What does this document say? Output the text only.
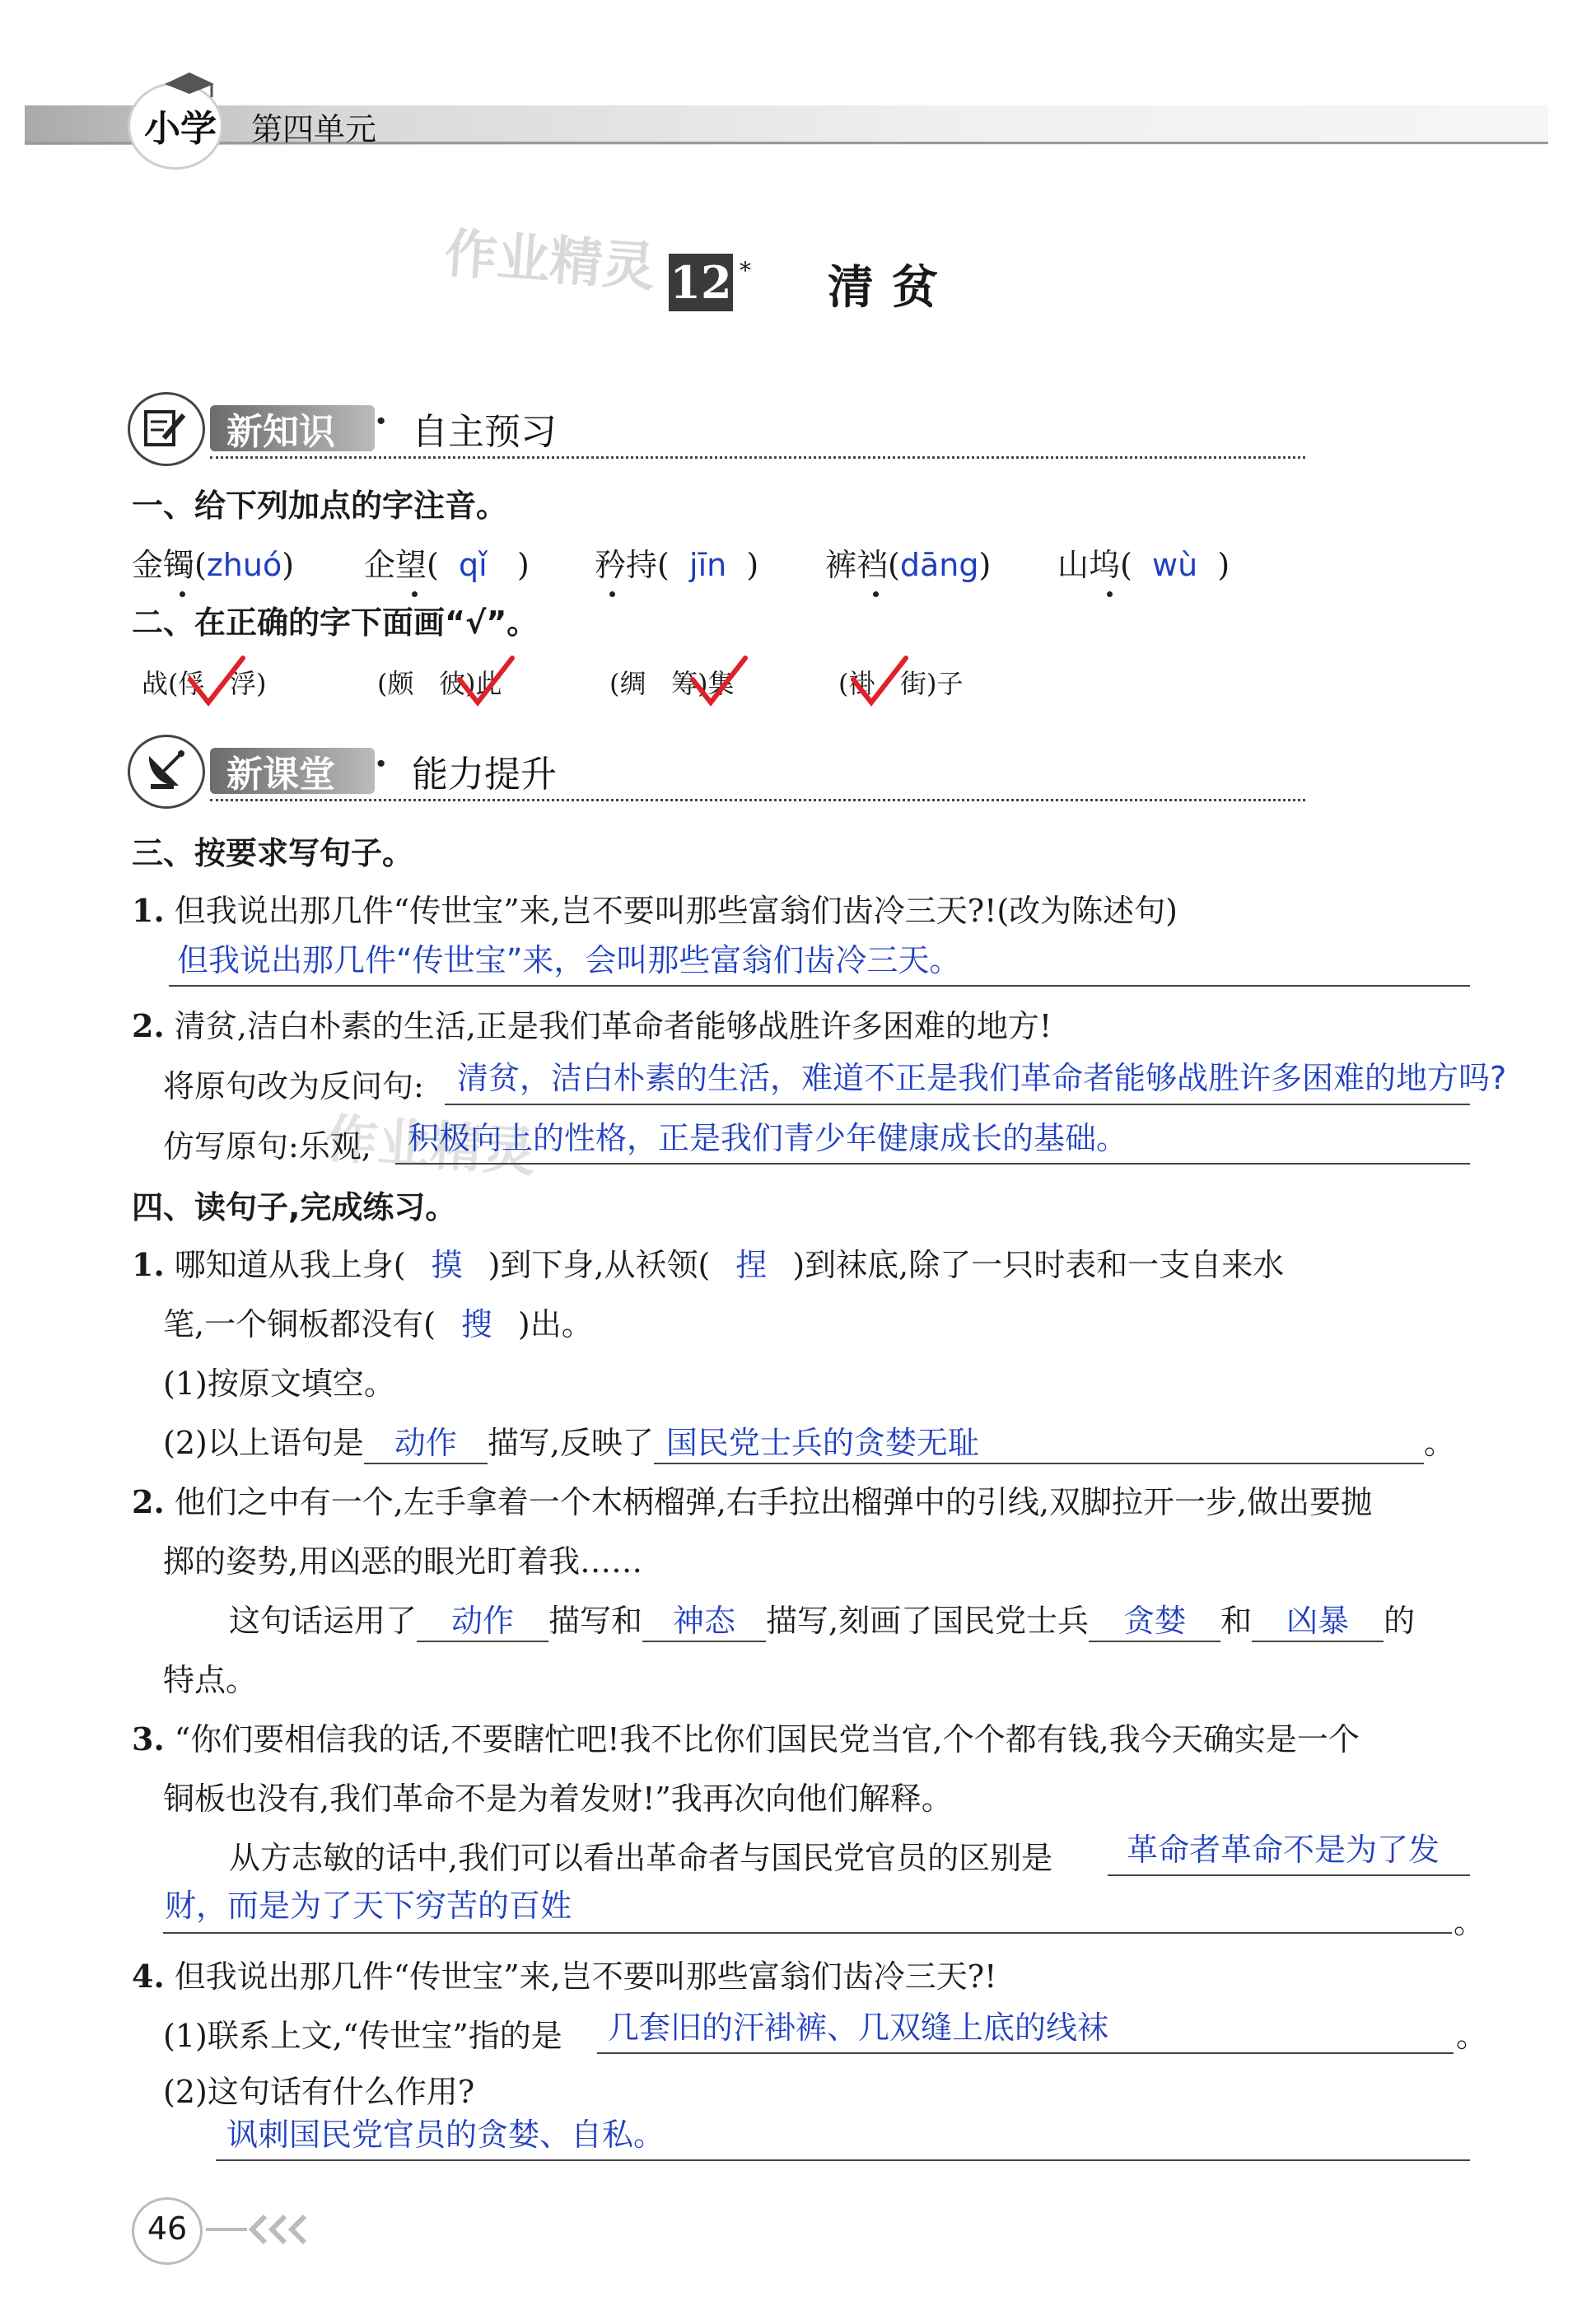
小学 第四单元
作业精灵
作业精灵
12 * 清贫
新知识 · 自主预习
一、给下列加点的字注音。
金镯(zhuó) 企望( qǐ ) 矜持( jīn ) 裤裆(dāng) 山坞( wù )
二、在正确的字下面画“√”。
战(俘 浮)	(颇 彼)此	(绸 筹)集	(褂 街)子
新课堂 · 能力提升
三、按要求写句子。
1. 但我说出那几件“传世宝”来,岂不要叫那些富翁们齿冷三天?!(改为陈述句)
但我说出那几件“传世宝”来，会叫那些富翁们齿冷三天。
2. 清贫,洁白朴素的生活,正是我们革命者能够战胜许多困难的地方!
将原句改为反问句: 清贫，洁白朴素的生活，难道不正是我们革命者能够战胜许多困难的地方吗?
仿写原句:乐观, 积极向上的性格，正是我们青少年健康成长的基础。
四、读句子,完成练习。
1. 哪知道从我上身( 摸 )到下身,从袄领( 捏 )到袜底,除了一只时表和一支自来水
笔,一个铜板都没有( 搜 )出。
(1)按原文填空。
(2)以上语句是 动作 描写,反映了 国民党士兵的贪婪无耻	。
2. 他们之中有一个,左手拿着一个木柄榴弹,右手拉出榴弹中的引线,双脚拉开一步,做出要抛
掷的姿势,用凶恶的眼光盯着我……
这句话运用了 动作 描写和 神态 描写,刻画了国民党士兵 贪婪 和 凶暴 的
特点。
3. “你们要相信我的话,不要瞎忙吧!我不比你们国民党当官,个个都有钱,我今天确实是一个
铜板也没有,我们革命不是为着发财!”我再次向他们解释。
从方志敏的话中,我们可以看出革命者与国民党官员的区别是 革命者革命不是为了发
财，而是为了天下穷苦的百姓	。
4. 但我说出那几件“传世宝”来,岂不要叫那些富翁们齿冷三天?!
(1)联系上文,“传世宝”指的是 几套旧的汗褂裤、几双缝上底的线袜	。
(2)这句话有什么作用?
讽刺国民党官员的贪婪、自私。
46
